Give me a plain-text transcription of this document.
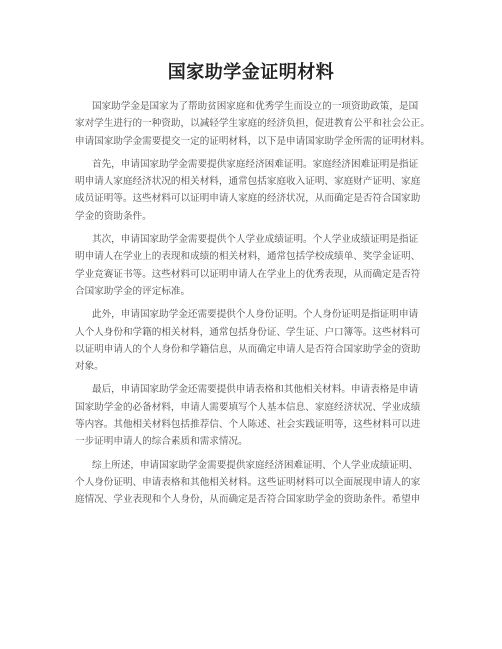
国家助学金证明材料
国家助学金是国家为了帮助贫困家庭和优秀学生而设立的一项资助政策，是国
家对学生进行的一种资助，以减轻学生家庭的经济负担，促进教育公平和社会公正。
申请国家助学金需要提交一定的证明材料，以下是申请国家助学金所需的证明材料。
首先，申请国家助学金需要提供家庭经济困难证明。家庭经济困难证明是指证
明申请人家庭经济状况的相关材料，通常包括家庭收入证明、家庭财产证明、家庭
成员证明等。这些材料可以证明申请人家庭的经济状况，从而确定是否符合国家助
学金的资助条件。
其次，申请国家助学金需要提供个人学业成绩证明。个人学业成绩证明是指证
明申请人在学业上的表现和成绩的相关材料，通常包括学校成绩单、奖学金证明、
学业竞赛证书等。这些材料可以证明申请人在学业上的优秀表现，从而确定是否符
合国家助学金的评定标准。
此外，申请国家助学金还需要提供个人身份证明。个人身份证明是指证明申请
人个人身份和学籍的相关材料，通常包括身份证、学生证、户口簿等。这些材料可
以证明申请人的个人身份和学籍信息，从而确定申请人是否符合国家助学金的资助
对象。
最后，申请国家助学金还需要提供申请表格和其他相关材料。申请表格是申请
国家助学金的必备材料，申请人需要填写个人基本信息、家庭经济状况、学业成绩
等内容。其他相关材料包括推荐信、个人陈述、社会实践证明等，这些材料可以进
一步证明申请人的综合素质和需求情况。
综上所述，申请国家助学金需要提供家庭经济困难证明、个人学业成绩证明、
个人身份证明、申请表格和其他相关材料。这些证明材料可以全面展现申请人的家
庭情况、学业表现和个人身份，从而确定是否符合国家助学金的资助条件。希望申
